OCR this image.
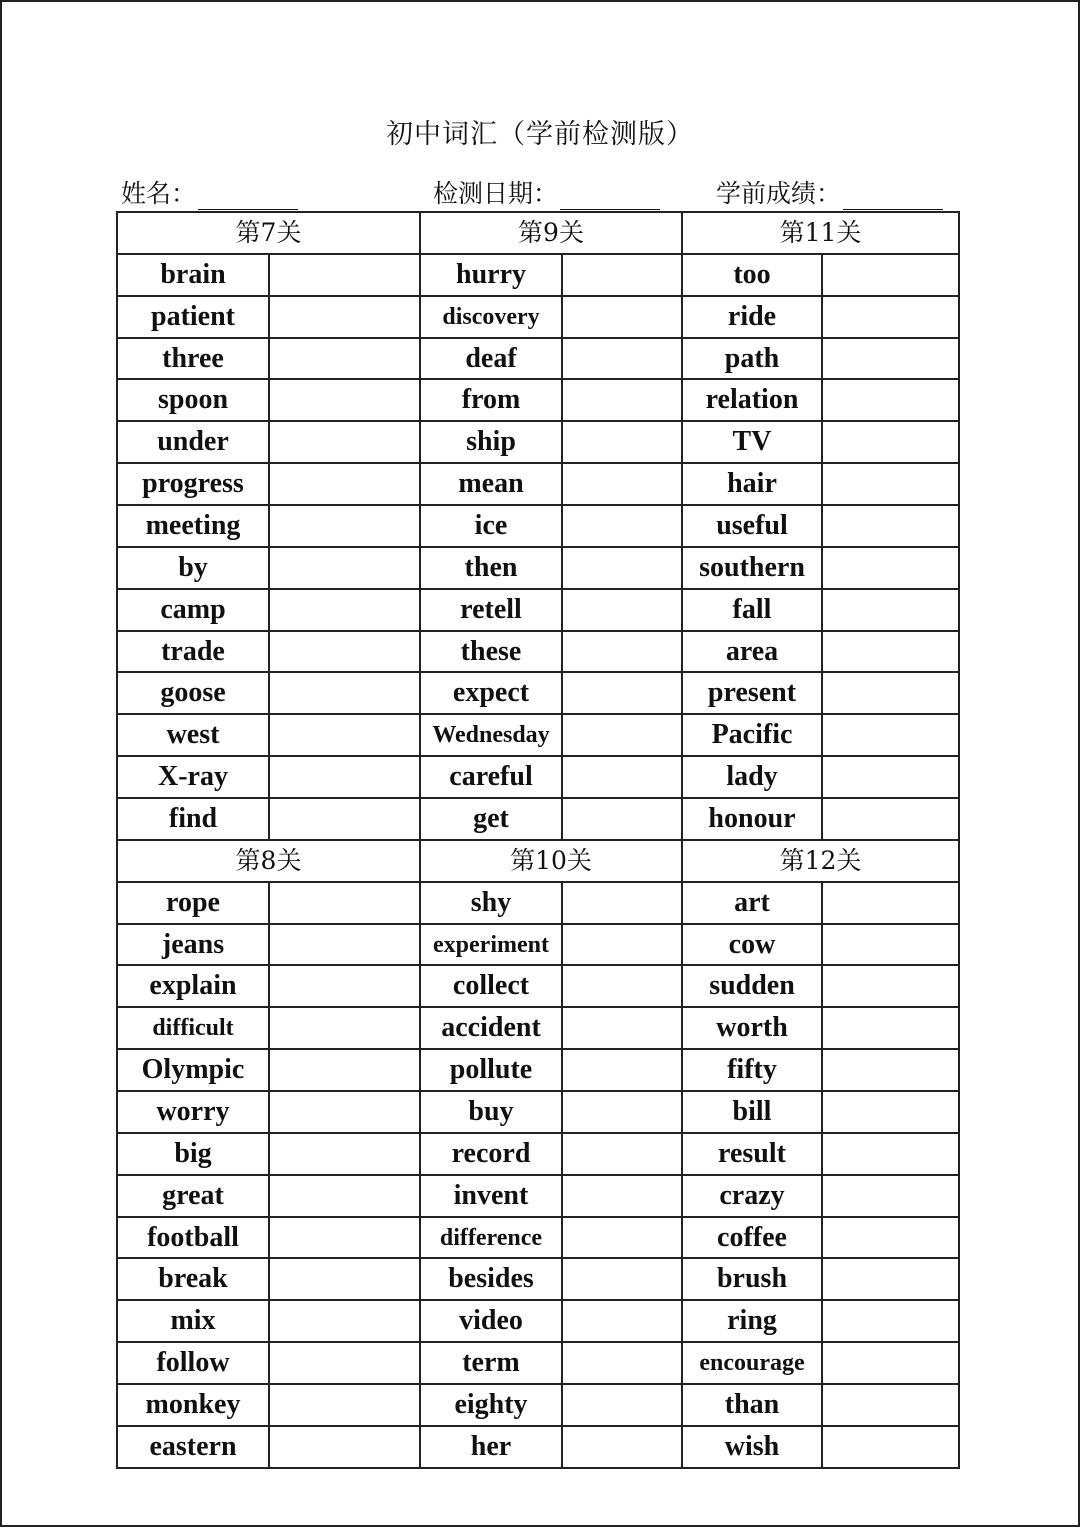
初中词汇（学前检测版）
姓名：	检测日期：	学前成绩：
第7关		第9关		第11关	
brain		hurry		too	
patient		discovery		ride	
three		deaf		path	
spoon		from		relation	
under		ship		TV	
progress		mean		hair	
meeting		ice		useful	
by		then		southern	
camp		retell		fall	
trade		these		area	
goose		expect		present	
west		Wednesday		Pacific	
X-ray		careful		lady	
find		get		honour	
第8关		第10关		第12关	
rope		shy		art	
jeans		experiment		cow	
explain		collect		sudden	
difficult		accident		worth	
Olympic		pollute		fifty	
worry		buy		bill	
big		record		result	
great		invent		crazy	
football		difference		coffee	
break		besides		brush	
mix		video		ring	
follow		term		encourage	
monkey		eighty		than	
eastern		her		wish	
